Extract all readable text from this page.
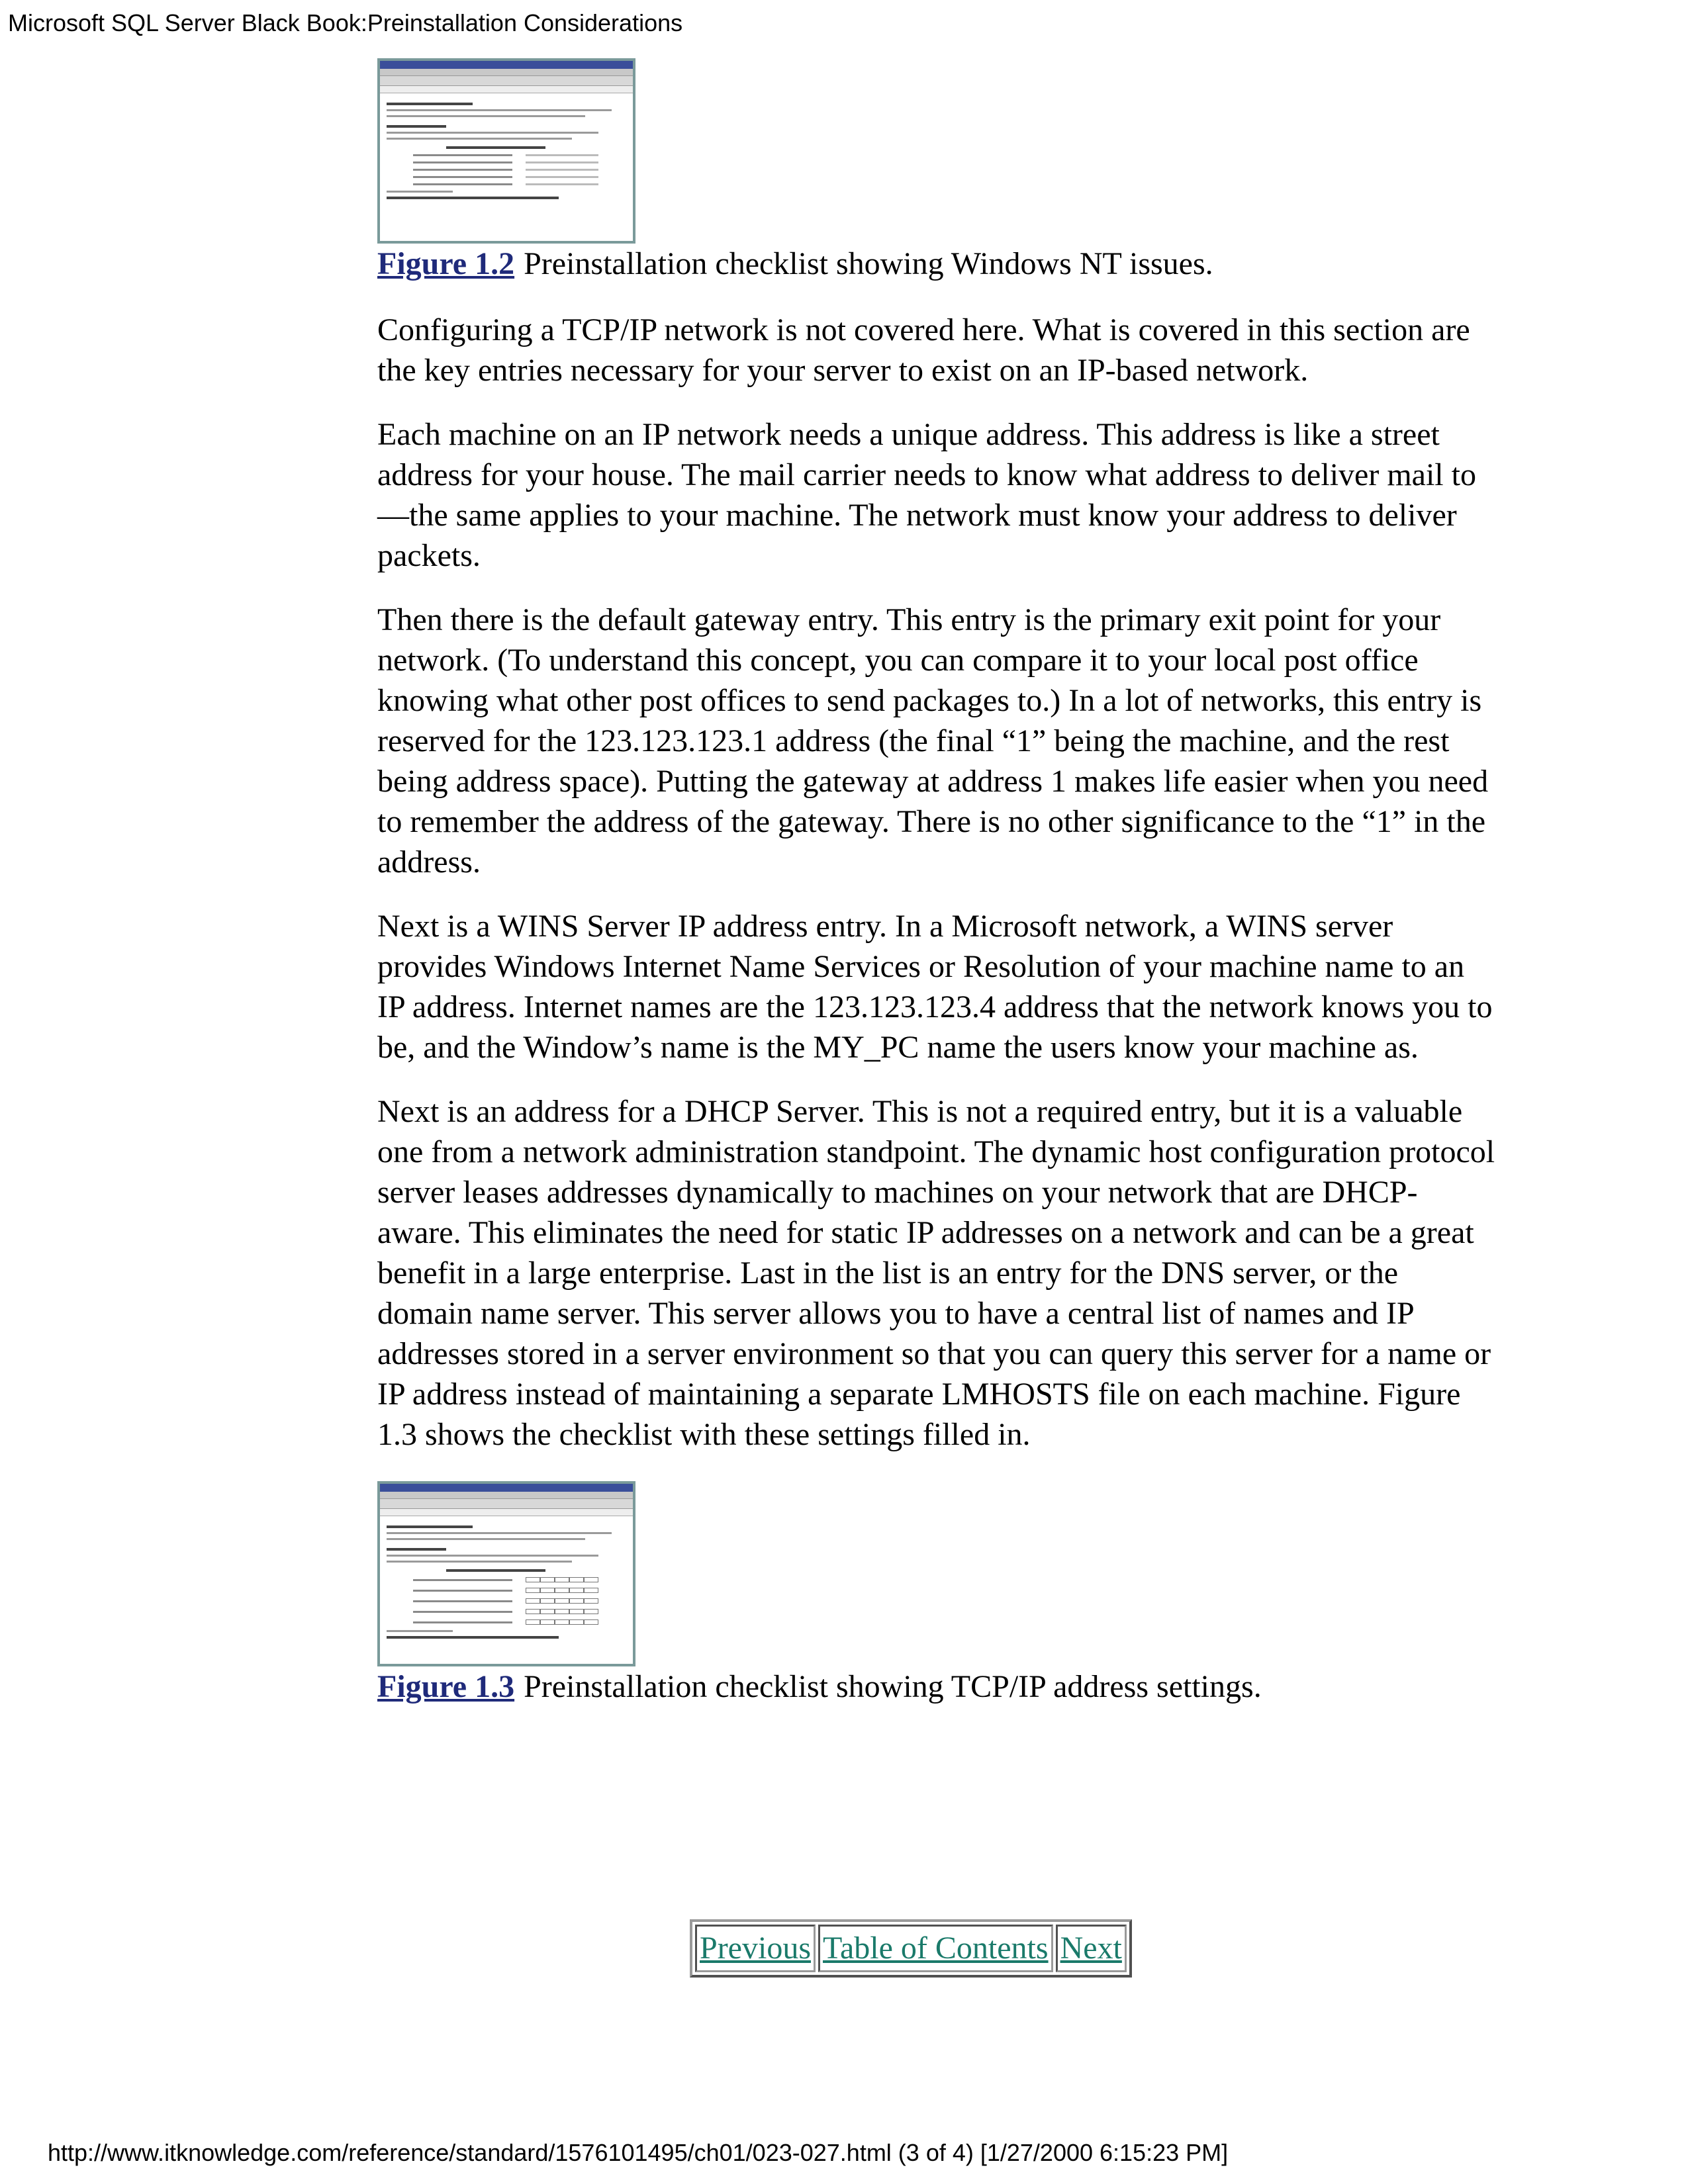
Microsoft SQL Server Black Book:Preinstallation Considerations
Figure 1.2 Preinstallation checklist showing Windows NT issues.

Configuring a TCP/IP network is not covered here. What is covered in this section are the key entries necessary for your server to exist on an IP-based network.

Each machine on an IP network needs a unique address. This address is like a street address for your house. The mail carrier needs to know what address to deliver mail to—the same applies to your machine. The network must know your address to deliver packets.

Then there is the default gateway entry. This entry is the primary exit point for your network. (To understand this concept, you can compare it to your local post office knowing what other post offices to send packages to.) In a lot of networks, this entry is reserved for the 123.123.123.1 address (the final “1” being the machine, and the rest being address space). Putting the gateway at address 1 makes life easier when you need to remember the address of the gateway. There is no other significance to the “1” in the address.

Next is a WINS Server IP address entry. In a Microsoft network, a WINS server provides Windows Internet Name Services or Resolution of your machine name to an IP address. Internet names are the 123.123.123.4 address that the network knows you to be, and the Window’s name is the MY_PC name the users know your machine as.

Next is an address for a DHCP Server. This is not a required entry, but it is a valuable one from a network administration standpoint. The dynamic host configuration protocol server leases addresses dynamically to machines on your network that are DHCP-aware. This eliminates the need for static IP addresses on a network and can be a great benefit in a large enterprise. Last in the list is an entry for the DNS server, or the domain name server. This server allows you to have a central list of names and IP addresses stored in a server environment so that you can query this server for a name or IP address instead of maintaining a separate LMHOSTS file on each machine. Figure 1.3 shows the checklist with these settings filled in.

Figure 1.3 Preinstallation checklist showing TCP/IP address settings.
Previous	Table of Contents	Next
http://www.itknowledge.com/reference/standard/1576101495/ch01/023-027.html (3 of 4) [1/27/2000 6:15:23 PM]
